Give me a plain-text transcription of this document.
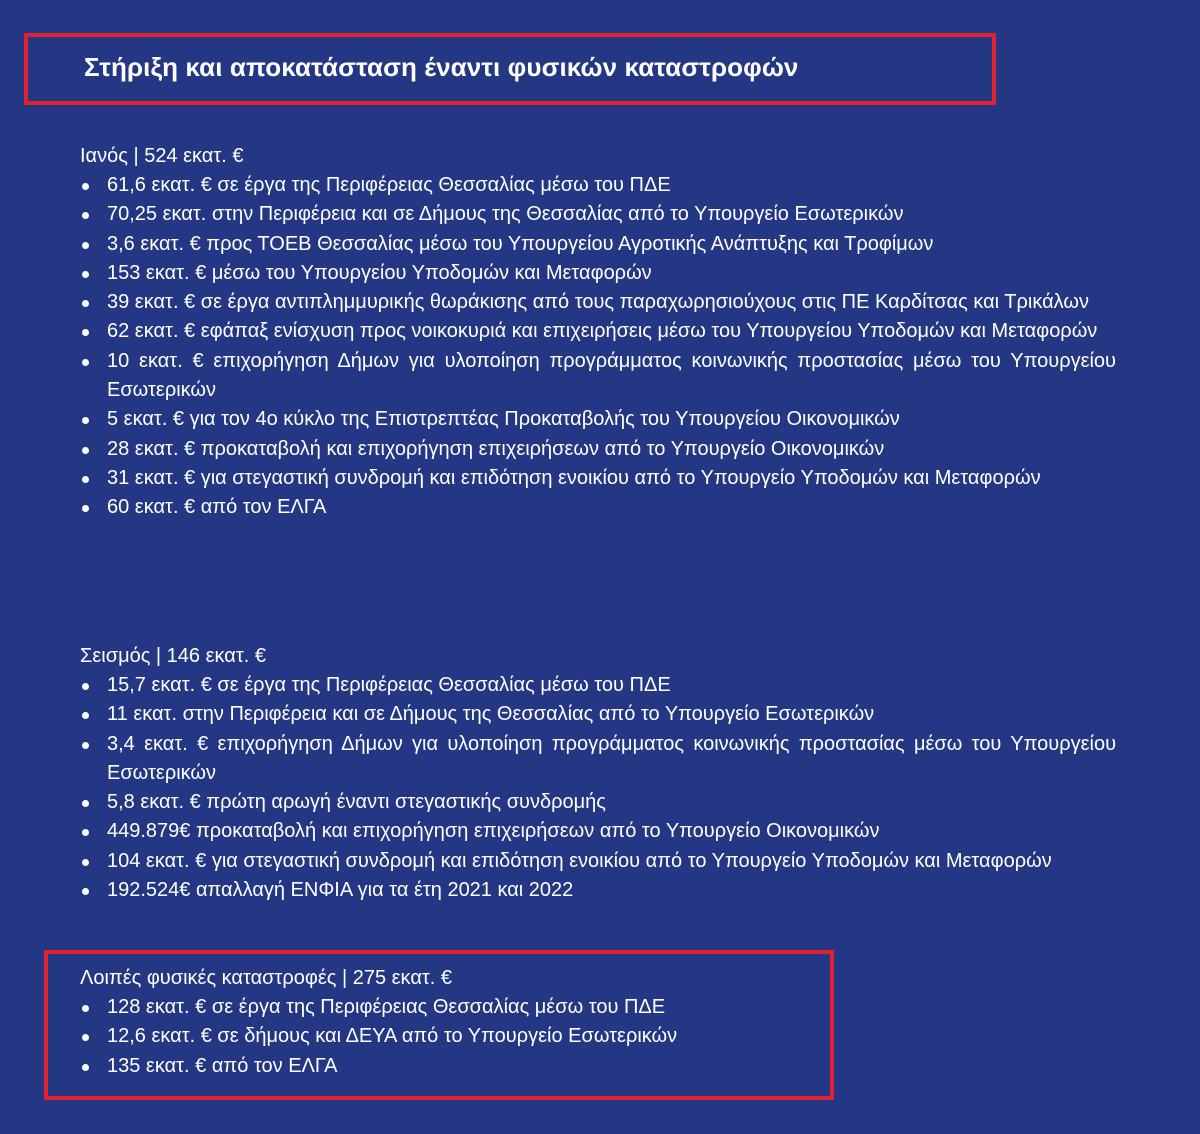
Στήριξη και αποκατάσταση έναντι φυσικών καταστροφών
Ιανός | 524 εκατ. €
61,6 εκατ. € σε έργα της Περιφέρειας Θεσσαλίας μέσω του ΠΔΕ
70,25 εκατ. στην Περιφέρεια και σε Δήμους της Θεσσαλίας από το Υπουργείο Εσωτερικών
3,6 εκατ. € προς ΤΟΕΒ Θεσσαλίας μέσω του Υπουργείου Αγροτικής Ανάπτυξης και Τροφίμων
153 εκατ. € μέσω του Υπουργείου Υποδομών και Μεταφορών
39 εκατ. € σε έργα αντιπλημμυρικής θωράκισης από τους παραχωρησιούχους στις ΠΕ Καρδίτσας και Τρικάλων
62 εκατ. € εφάπαξ ενίσχυση προς νοικοκυριά και επιχειρήσεις μέσω του Υπουργείου Υποδομών και Μεταφορών
10 εκατ. € επιχορήγηση Δήμων για υλοποίηση προγράμματος κοινωνικής προστασίας μέσω του Υπουργείου Εσωτερικών
5 εκατ. € για τον 4ο κύκλο της Επιστρεπτέας Προκαταβολής του Υπουργείου Οικονομικών
28 εκατ. € προκαταβολή και επιχορήγηση επιχειρήσεων από το Υπουργείο Οικονομικών
31 εκατ. € για στεγαστική συνδρομή και επιδότηση ενοικίου από το Υπουργείο Υποδομών και Μεταφορών
60 εκατ. € από τον ΕΛΓΑ
Σεισμός | 146 εκατ. €
15,7 εκατ. € σε έργα της Περιφέρειας Θεσσαλίας μέσω του ΠΔΕ
11 εκατ. στην Περιφέρεια και σε Δήμους της Θεσσαλίας από το Υπουργείο Εσωτερικών
3,4 εκατ. € επιχορήγηση Δήμων για υλοποίηση προγράμματος κοινωνικής προστασίας μέσω του Υπουργείου Εσωτερικών
5,8 εκατ. € πρώτη αρωγή έναντι στεγαστικής συνδρομής
449.879€ προκαταβολή και επιχορήγηση επιχειρήσεων από το Υπουργείο Οικονομικών
104 εκατ. € για στεγαστική συνδρομή και επιδότηση ενοικίου από το Υπουργείο Υποδομών και Μεταφορών
192.524€ απαλλαγή ΕΝΦΙΑ για τα έτη 2021 και 2022
Λοιπές φυσικές καταστροφές | 275 εκατ. €
128 εκατ. € σε έργα της Περιφέρειας Θεσσαλίας μέσω του ΠΔΕ
12,6 εκατ. € σε δήμους και ΔΕΥΑ από το Υπουργείο Εσωτερικών
135 εκατ. € από τον ΕΛΓΑ
